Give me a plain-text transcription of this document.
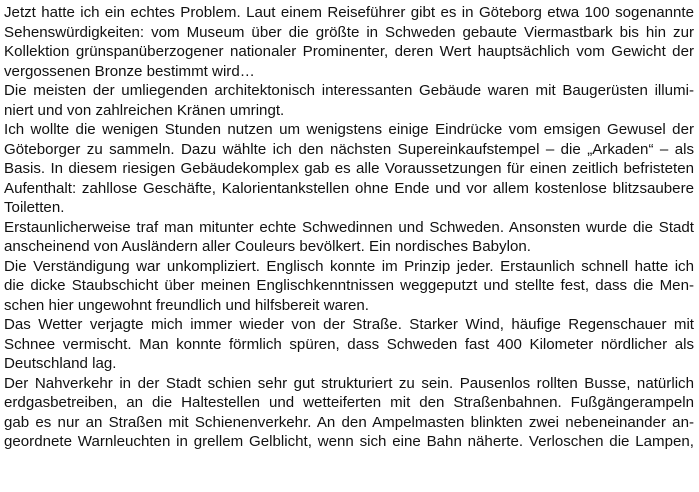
Jetzt hatte ich ein echtes Problem. Laut einem Reiseführer gibt es in Göteborg etwa 100 sogenannte
Sehenswürdigkeiten: vom Museum über die größte in Schweden gebaute Viermastbark bis hin zur
Kollektion grünspanüberzogener nationaler Prominenter, deren Wert hauptsächlich vom Gewicht der
vergossenen Bronze bestimmt wird…
Die meisten der umliegenden architektonisch interessanten Gebäude waren mit Baugerüsten illumi-
niert und von zahlreichen Kränen umringt.
Ich wollte die wenigen Stunden nutzen um wenigstens einige Eindrücke vom emsigen Gewusel der
Göteborger zu sammeln. Dazu wählte ich den nächsten Supereinkaufstempel – die „Arkaden“ – als
Basis. In diesem riesigen Gebäudekomplex gab es alle Voraussetzungen für einen zeitlich befristeten
Aufenthalt: zahllose Geschäfte, Kalorientankstellen ohne Ende und vor allem kostenlose blitzsaubere
Toiletten.
Erstaunlicherweise traf man mitunter echte Schwedinnen und Schweden. Ansonsten wurde die Stadt
anscheinend von Ausländern aller Couleurs bevölkert. Ein nordisches Babylon.
Die Verständigung war unkompliziert. Englisch konnte im Prinzip jeder. Erstaunlich schnell hatte ich
die dicke Staubschicht über meinen Englischkenntnissen weggeputzt und stellte fest, dass die Men-
schen hier ungewohnt freundlich und hilfsbereit waren.
Das Wetter verjagte mich immer wieder von der Straße. Starker Wind, häufige Regenschauer mit
Schnee vermischt. Man konnte förmlich spüren, dass Schweden fast 400 Kilometer nördlicher als
Deutschland lag.
Der Nahverkehr in der Stadt schien sehr gut strukturiert zu sein. Pausenlos rollten Busse, natürlich
erdgasbetreiben, an die Haltestellen und wetteiferten mit den Straßenbahnen. Fußgängerampeln
gab es nur an Straßen mit Schienenverkehr. An den Ampelmasten blinkten zwei nebeneinander an-
geordnete Warnleuchten in grellem Gelblicht, wenn sich eine Bahn näherte. Verloschen die Lampen,
